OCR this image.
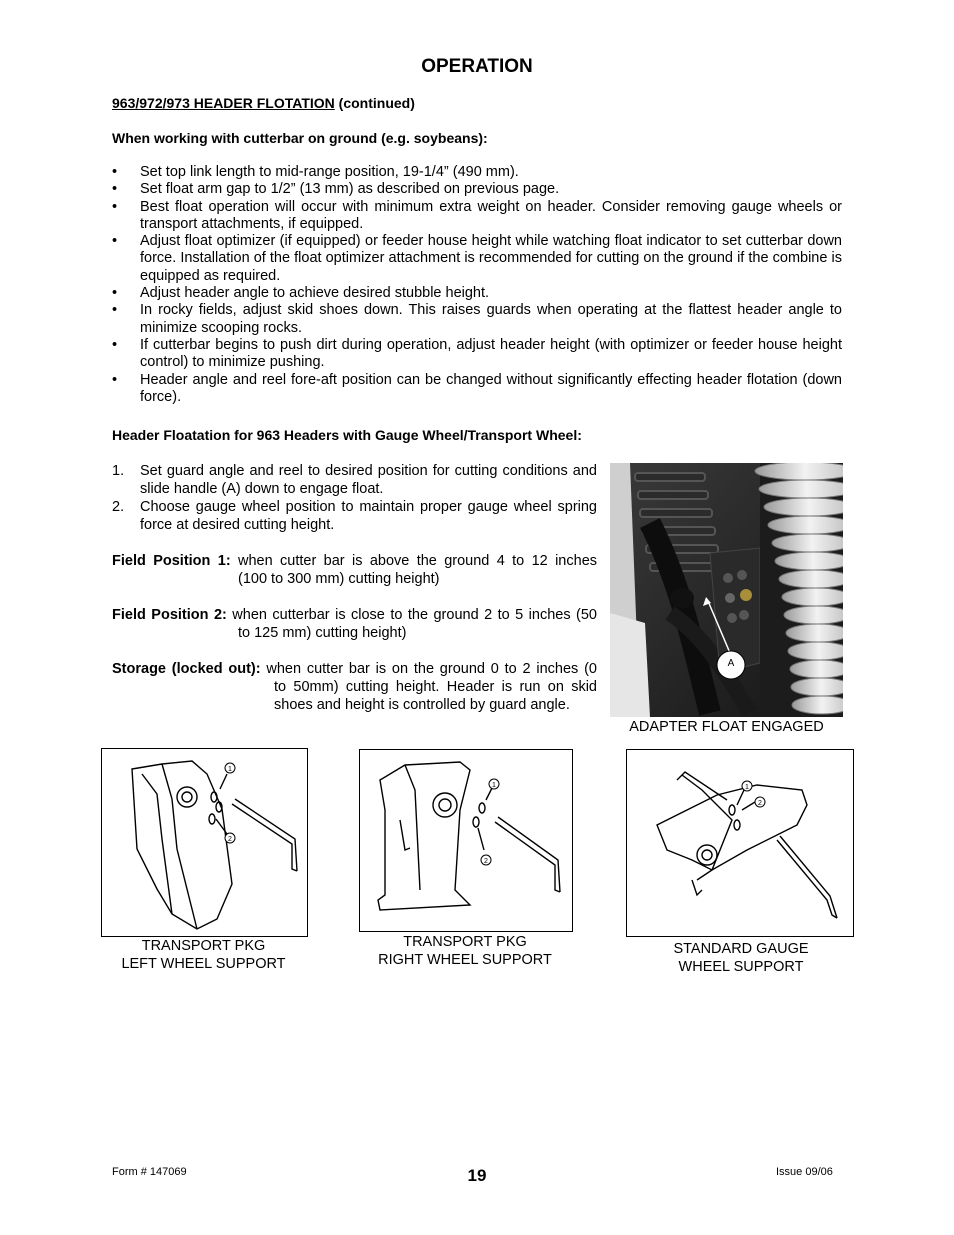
OPERATION
963/972/973 HEADER FLOTATION (continued)
When working with cutterbar on ground (e.g. soybeans):
• Set top link length to mid-range position, 19-1/4” (490 mm).
• Set float arm gap to 1/2” (13 mm) as described on previous page.
• Best float operation will occur with minimum extra weight on header. Consider removing gauge wheels or transport attachments, if equipped.
• Adjust float optimizer (if equipped) or feeder house height while watching float indicator to set cutterbar down force. Installation of the float optimizer attachment is recommended for cutting on the ground if the combine is equipped as required.
• Adjust header angle to achieve desired stubble height.
• In rocky fields, adjust skid shoes down. This raises guards when operating at the flattest header angle to minimize scooping rocks.
• If cutterbar begins to push dirt during operation, adjust header height (with optimizer or feeder house height control) to minimize pushing.
• Header angle and reel fore-aft position can be changed without significantly effecting header flotation (down force).
Header Floatation for 963 Headers with Gauge Wheel/Transport Wheel:
1. Set guard angle and reel to desired position for cutting conditions and slide handle (A) down to engage float.
2. Choose gauge wheel position to maintain proper gauge wheel spring force at desired cutting height.
Field Position 1: when cutter bar is above the ground 4 to 12 inches
(100 to 300 mm) cutting height)
Field Position 2: when cutterbar is close to the ground 2 to 5 inches (50
to 125 mm) cutting height)
Storage (locked out): when cutter bar is on the ground 0 to 2 inches (0
to 50mm) cutting height. Header is run on skid
shoes and height is controlled by guard angle.
A
ADAPTER FLOAT ENGAGED
1
2
TRANSPORT PKG
LEFT WHEEL SUPPORT
1
2
TRANSPORT PKG
RIGHT WHEEL SUPPORT
1
2
STANDARD GAUGE
WHEEL SUPPORT
Form # 147069	19	Issue 09/06
